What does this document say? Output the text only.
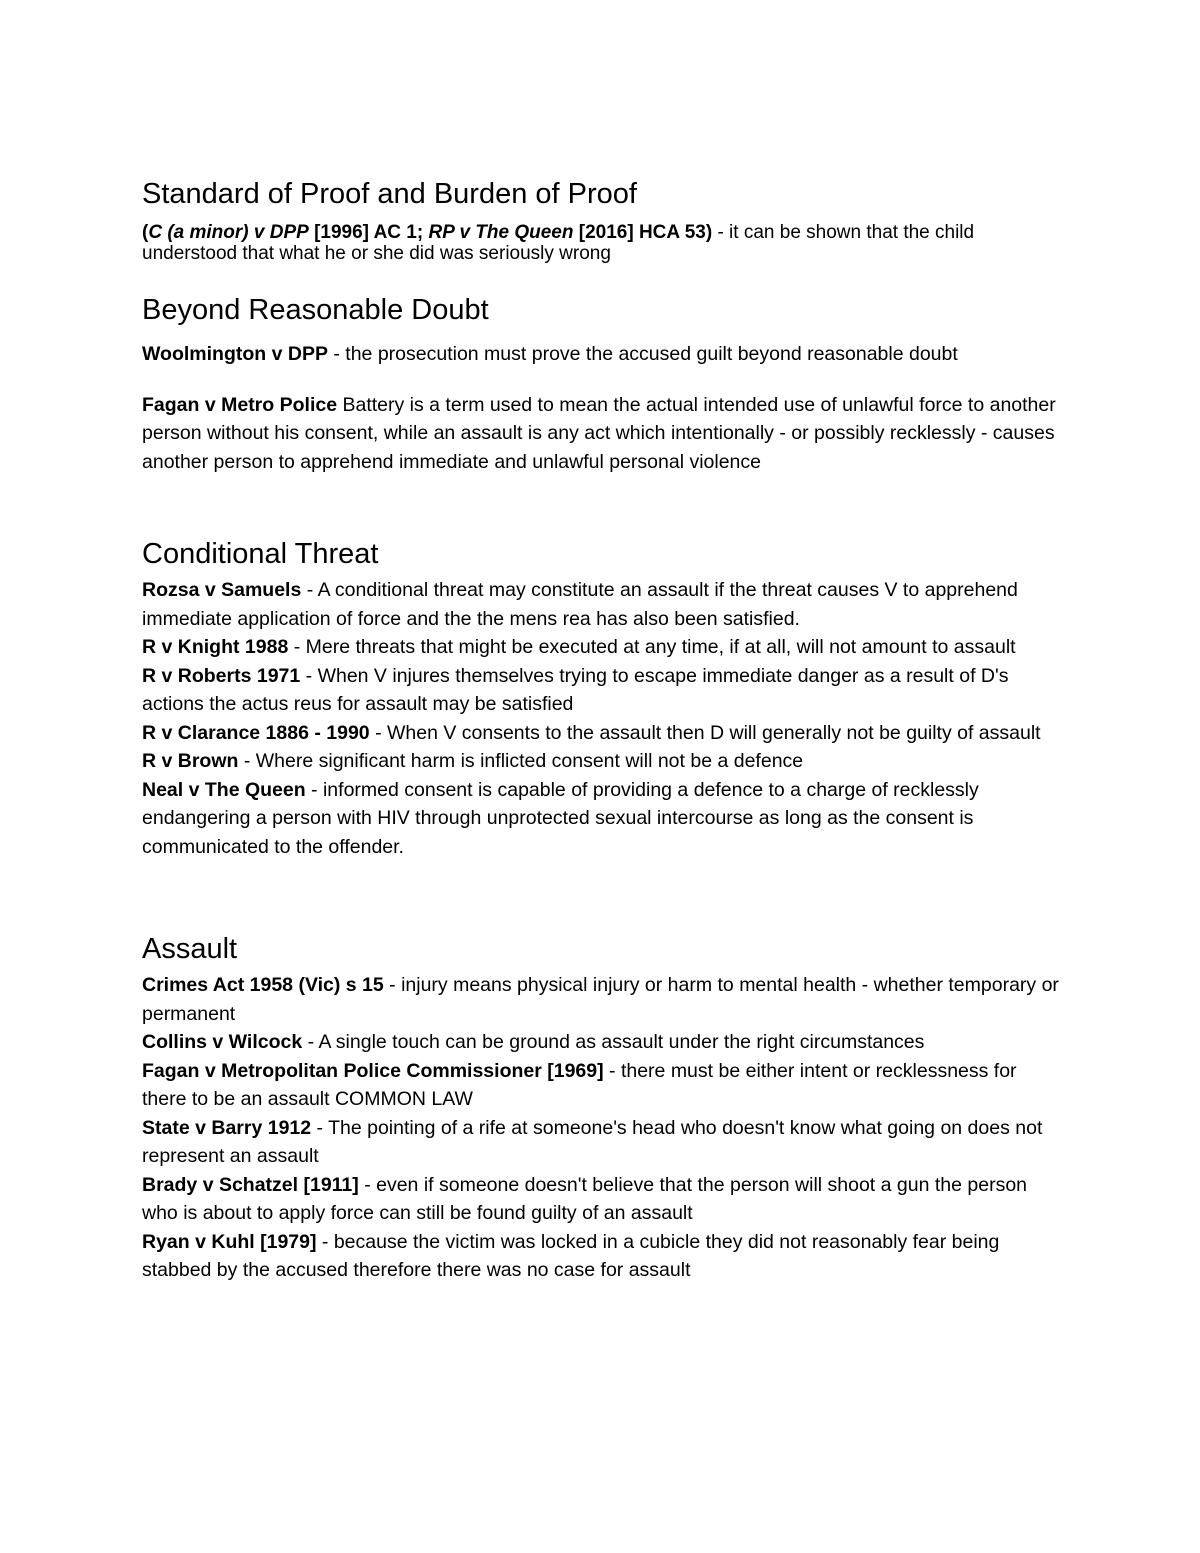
Standard of Proof and Burden of Proof

(C (a minor) v DPP [1996] AC 1; RP v The Queen [2016] HCA 53) - it can be shown that the child understood that what he or she did was seriously wrong

Beyond Reasonable Doubt

Woolmington v DPP - the prosecution must prove the accused guilt beyond reasonable doubt

Fagan v Metro Police Battery is a term used to mean the actual intended use of unlawful force to another person without his consent, while an assault is any act which intentionally - or possibly recklessly - causes another person to apprehend immediate and unlawful personal violence

Conditional Threat

Rozsa v Samuels - A conditional threat may constitute an assault if the threat causes V to apprehend immediate application of force and the the mens rea has also been satisfied.

R v Knight 1988 - Mere threats that might be executed at any time, if at all, will not amount to assault

R v Roberts 1971 - When V injures themselves trying to escape immediate danger as a result of D's actions the actus reus for assault may be satisfied

R v Clarance 1886 - 1990 - When V consents to the assault then D will generally not be guilty of assault

R v Brown - Where significant harm is inflicted consent will not be a defence

Neal v The Queen - informed consent is capable of providing a defence to a charge of recklessly endangering a person with HIV through unprotected sexual intercourse as long as the consent is communicated to the offender.

Assault

Crimes Act 1958 (Vic) s 15 - injury means physical injury or harm to mental health - whether temporary or permanent

Collins v Wilcock - A single touch can be ground as assault under the right circumstances

Fagan v Metropolitan Police Commissioner [1969] - there must be either intent or recklessness for there to be an assault COMMON LAW

State v Barry 1912 - The pointing of a rife at someone's head who doesn't know what going on does not represent an assault

Brady v Schatzel [1911] - even if someone doesn't believe that the person will shoot a gun the person who is about to apply force can still be found guilty of an assault

Ryan v Kuhl [1979] - because the victim was locked in a cubicle they did not reasonably fear being stabbed by the accused therefore there was no case for assault
